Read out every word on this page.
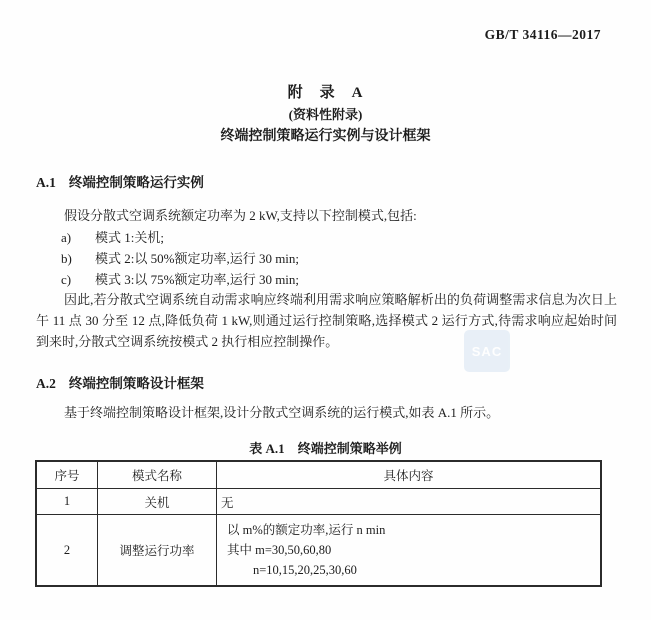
GB/T 34116—2017
附　录　A
(资料性附录)
终端控制策略运行实例与设计框架
A.1 终端控制策略运行实例

假设分散式空调系统额定功率为 2 kW,支持以下控制模式,包括:

a) 模式 1:关机;
b) 模式 2:以 50%额定功率,运行 30 min;
c) 模式 3:以 75%额定功率,运行 30 min;

因此,若分散式空调系统自动需求响应终端利用需求响应策略解析出的负荷调整需求信息为次日上午 11 点 30 分至 12 点,降低负荷 1 kW,则通过运行控制策略,选择模式 2 运行方式,待需求响应起始时间到来时,分散式空调系统按模式 2 执行相应控制操作。

A.2 终端控制策略设计框架

基于终端控制策略设计框架,设计分散式空调系统的运行模式,如表 A.1 所示。

表 A.1 终端控制策略举例
序号	模式名称	具体内容
1	关机	无
2	调整运行功率	以 m%的额定功率,运行 n min
其中 m=30,50,60,80
n=10,15,20,25,30,60
SAC
